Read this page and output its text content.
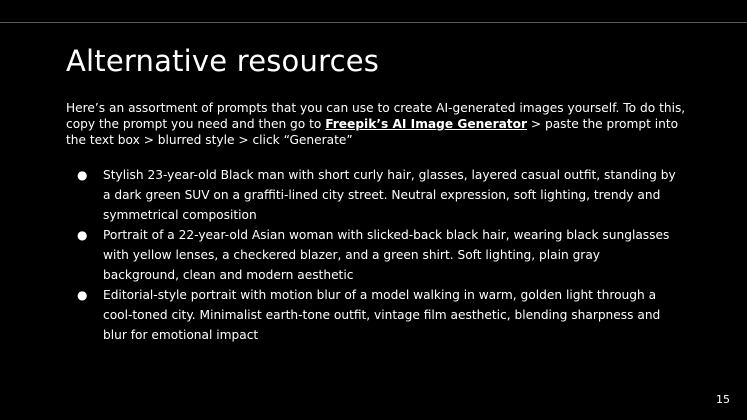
Alternative resources

Here’s an assortment of prompts that you can use to create AI-generated images yourself. To do this, copy the prompt you need and then go to Freepik’s AI Image Generator > paste the prompt into the text box > blurred style > click “Generate”

● Stylish 23-year-old Black man with short curly hair, glasses, layered casual outfit, standing by a dark green SUV on a graffiti-lined city street. Neutral expression, soft lighting, trendy and symmetrical composition
● Portrait of a 22-year-old Asian woman with slicked-back black hair, wearing black sunglasses with yellow lenses, a checkered blazer, and a green shirt. Soft lighting, plain gray background, clean and modern aesthetic
● Editorial-style portrait with motion blur of a model walking in warm, golden light through a cool-toned city. Minimalist earth-tone outfit, vintage film aesthetic, blending sharpness and blur for emotional impact
15
